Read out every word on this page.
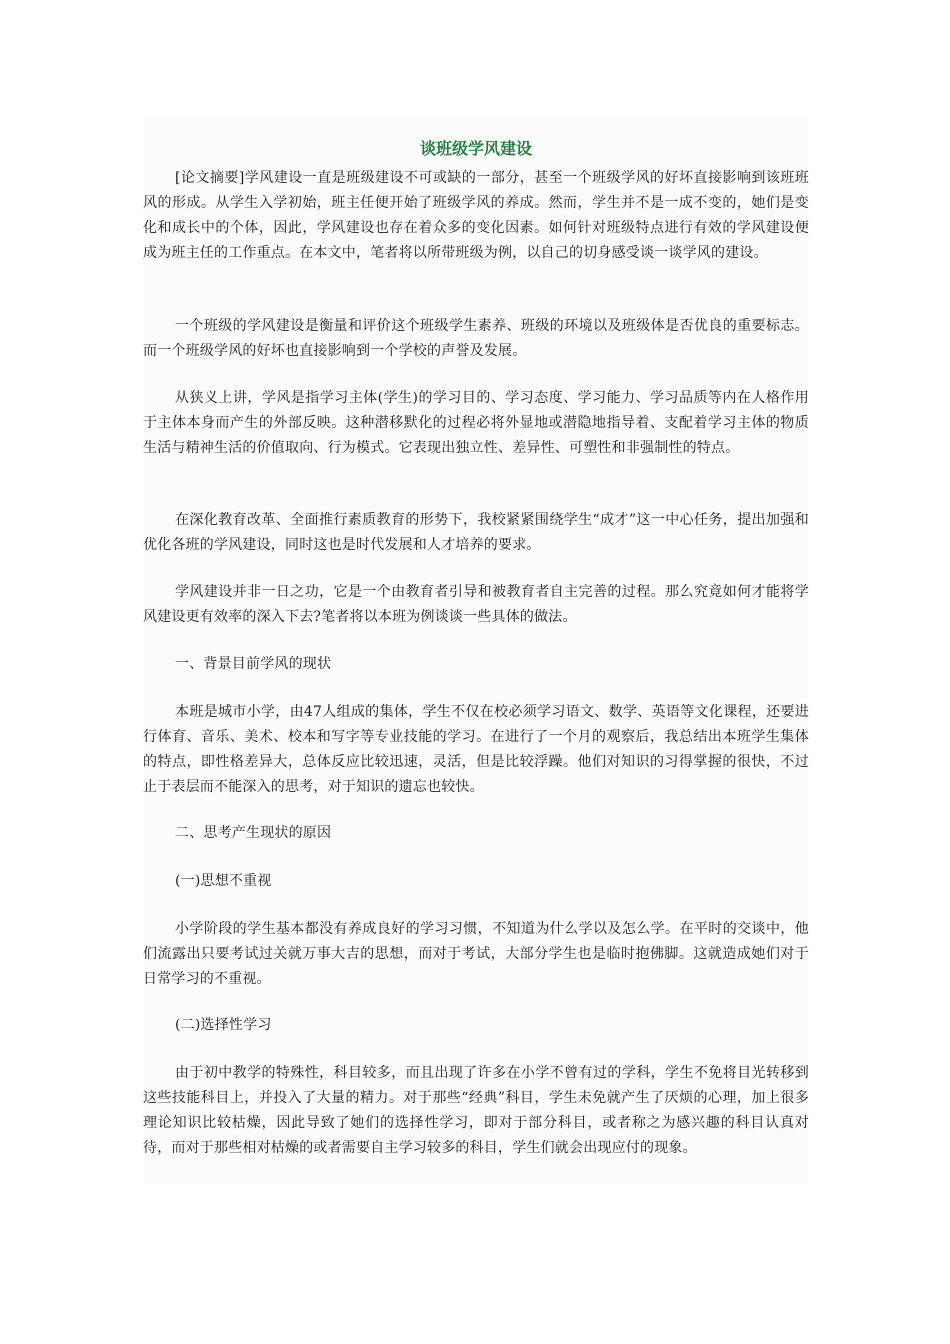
谈班级学风建设

[论文摘要]学风建设一直是班级建设不可或缺的一部分，甚至一个班级学风的好坏直接影响到该班班风的形成。从学生入学初始，班主任便开始了班级学风的养成。然而，学生并不是一成不变的，她们是变化和成长中的个体，因此，学风建设也存在着众多的变化因素。如何针对班级特点进行有效的学风建设便成为班主任的工作重点。在本文中，笔者将以所带班级为例，以自己的切身感受谈一谈学风的建设。

一个班级的学风建设是衡量和评价这个班级学生素养、班级的环境以及班级体是否优良的重要标志。而一个班级学风的好坏也直接影响到一个学校的声誉及发展。

从狭义上讲，学风是指学习主体(学生)的学习目的、学习态度、学习能力、学习品质等内在人格作用于主体本身而产生的外部反映。这种潜移默化的过程必将外显地或潜隐地指导着、支配着学习主体的物质生活与精神生活的价值取向、行为模式。它表现出独立性、差异性、可塑性和非强制性的特点。

在深化教育改革、全面推行素质教育的形势下，我校紧紧围绕学生“成才”这一中心任务，提出加强和优化各班的学风建设，同时这也是时代发展和人才培养的要求。

学风建设并非一日之功，它是一个由教育者引导和被教育者自主完善的过程。那么究竟如何才能将学风建设更有效率的深入下去?笔者将以本班为例谈谈一些具体的做法。

一、背景目前学风的现状

本班是城市小学，由47人组成的集体，学生不仅在校必须学习语文、数学、英语等文化课程，还要进行体育、音乐、美术、校本和写字等专业技能的学习。在进行了一个月的观察后，我总结出本班学生集体的特点，即性格差异大，总体反应比较迅速，灵活，但是比较浮躁。他们对知识的习得掌握的很快，不过止于表层而不能深入的思考，对于知识的遗忘也较快。

二、思考产生现状的原因

(一)思想不重视

小学阶段的学生基本都没有养成良好的学习习惯，不知道为什么学以及怎么学。在平时的交谈中，他们流露出只要考试过关就万事大吉的思想，而对于考试，大部分学生也是临时抱佛脚。这就造成她们对于日常学习的不重视。

(二)选择性学习

由于初中教学的特殊性，科目较多，而且出现了许多在小学不曾有过的学科，学生不免将目光转移到这些技能科目上，并投入了大量的精力。对于那些“经典”科目，学生未免就产生了厌烦的心理，加上很多理论知识比较枯燥，因此导致了她们的选择性学习，即对于部分科目，或者称之为感兴趣的科目认真对待，而对于那些相对枯燥的或者需要自主学习较多的科目，学生们就会出现应付的现象。
